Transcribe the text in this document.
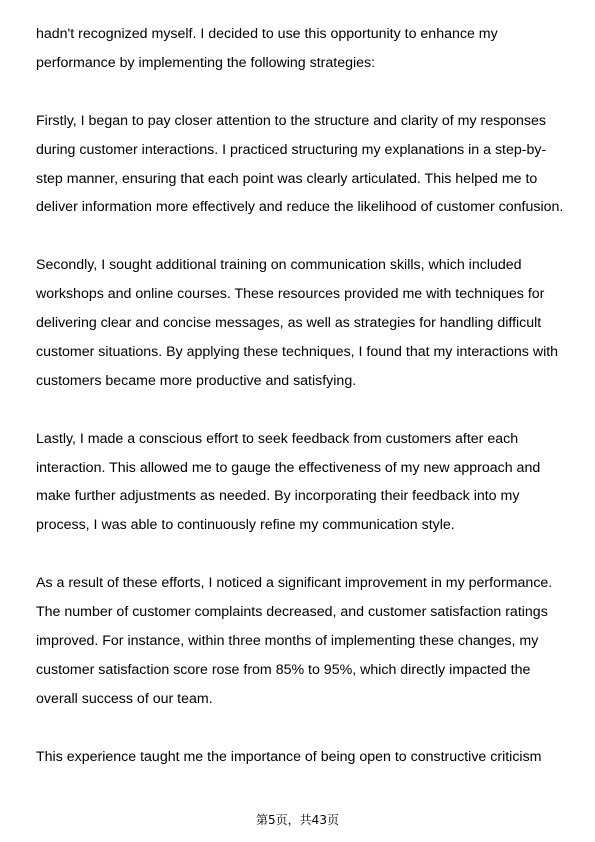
hadn't recognized myself. I decided to use this opportunity to enhance my performance by implementing the following strategies:

Firstly, I began to pay closer attention to the structure and clarity of my responses during customer interactions. I practiced structuring my explanations in a step-by-step manner, ensuring that each point was clearly articulated. This helped me to deliver information more effectively and reduce the likelihood of customer confusion.

Secondly, I sought additional training on communication skills, which included workshops and online courses. These resources provided me with techniques for delivering clear and concise messages, as well as strategies for handling difficult customer situations. By applying these techniques, I found that my interactions with customers became more productive and satisfying.

Lastly, I made a conscious effort to seek feedback from customers after each interaction. This allowed me to gauge the effectiveness of my new approach and make further adjustments as needed. By incorporating their feedback into my process, I was able to continuously refine my communication style.

As a result of these efforts, I noticed a significant improvement in my performance. The number of customer complaints decreased, and customer satisfaction ratings improved. For instance, within three months of implementing these changes, my customer satisfaction score rose from 85% to 95%, which directly impacted the overall success of our team.

This experience taught me the importance of being open to constructive criticism

第5页，共43页
